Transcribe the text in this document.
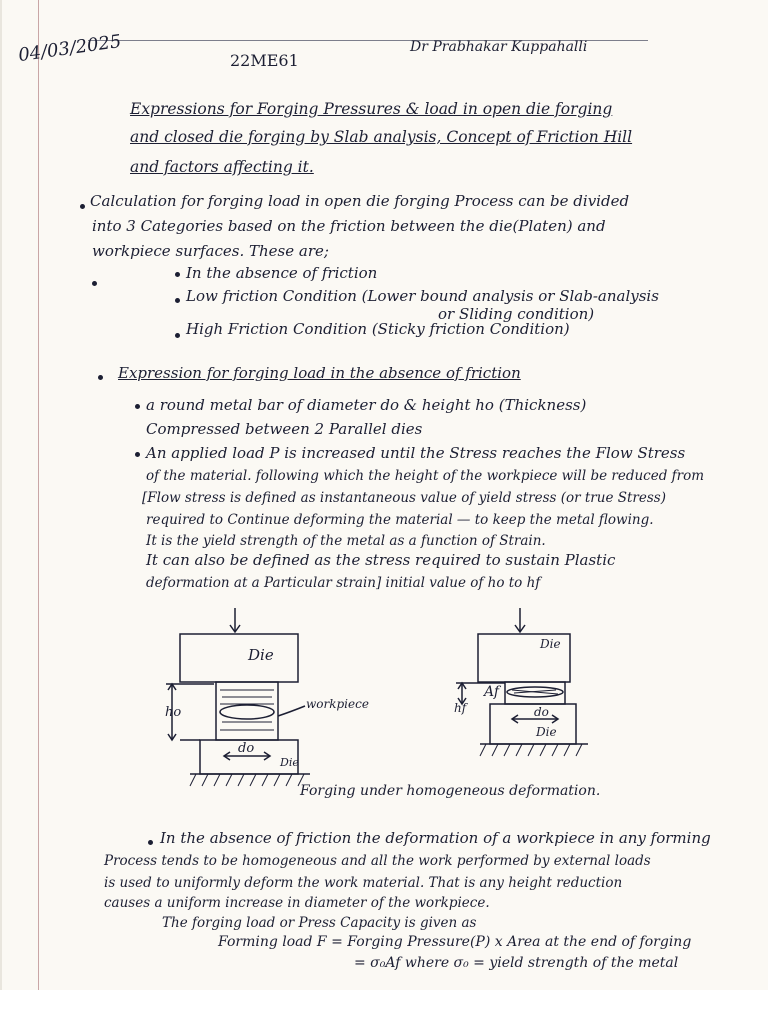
04/03/2025	22ME61
Dr Prabhakar Kuppahalli
Expressions for Forging Pressures & load in open die forging
and closed die forging by Slab analysis, Concept of Friction Hill
and factors affecting it.
Calculation for forging load in open die forging Process can be divided
into 3 Categories based on the friction between the die(Platen) and
workpiece surfaces. These are;
In the absence of friction
Low friction Condition (Lower bound analysis or Slab-analysis
or Sliding condition)
High Friction Condition (Sticky friction Condition)
Expression for forging load in the absence of friction
a round metal bar of diameter do & height ho (Thickness)
Compressed between 2 Parallel dies
An applied load P is increased until the Stress reaches the Flow Stress
of the material. following which the height of the workpiece will be reduced from
[Flow stress is defined as instantaneous value of yield stress (or true Stress)
required to Continue deforming the material — to keep the metal flowing.
It is the yield strength of the metal as a function of Strain.
It can also be defined as the stress required to sustain Plastic
deformation at a Particular strain] initial value of ho to hf
Die
Die
ho
do
workpiece
Die
Die
hf
Af
do
Forging under homogeneous deformation.
In the absence of friction the deformation of a workpiece in any forming
Process tends to be homogeneous and all the work performed by external loads
is used to uniformly deform the work material. That is any height reduction
causes a uniform increase in diameter of the workpiece.
The forging load or Press Capacity is given as
Forming load F = Forging Pressure(P) x Area at the end of forging
= σ₀Af where σ₀ = yield strength of the metal
